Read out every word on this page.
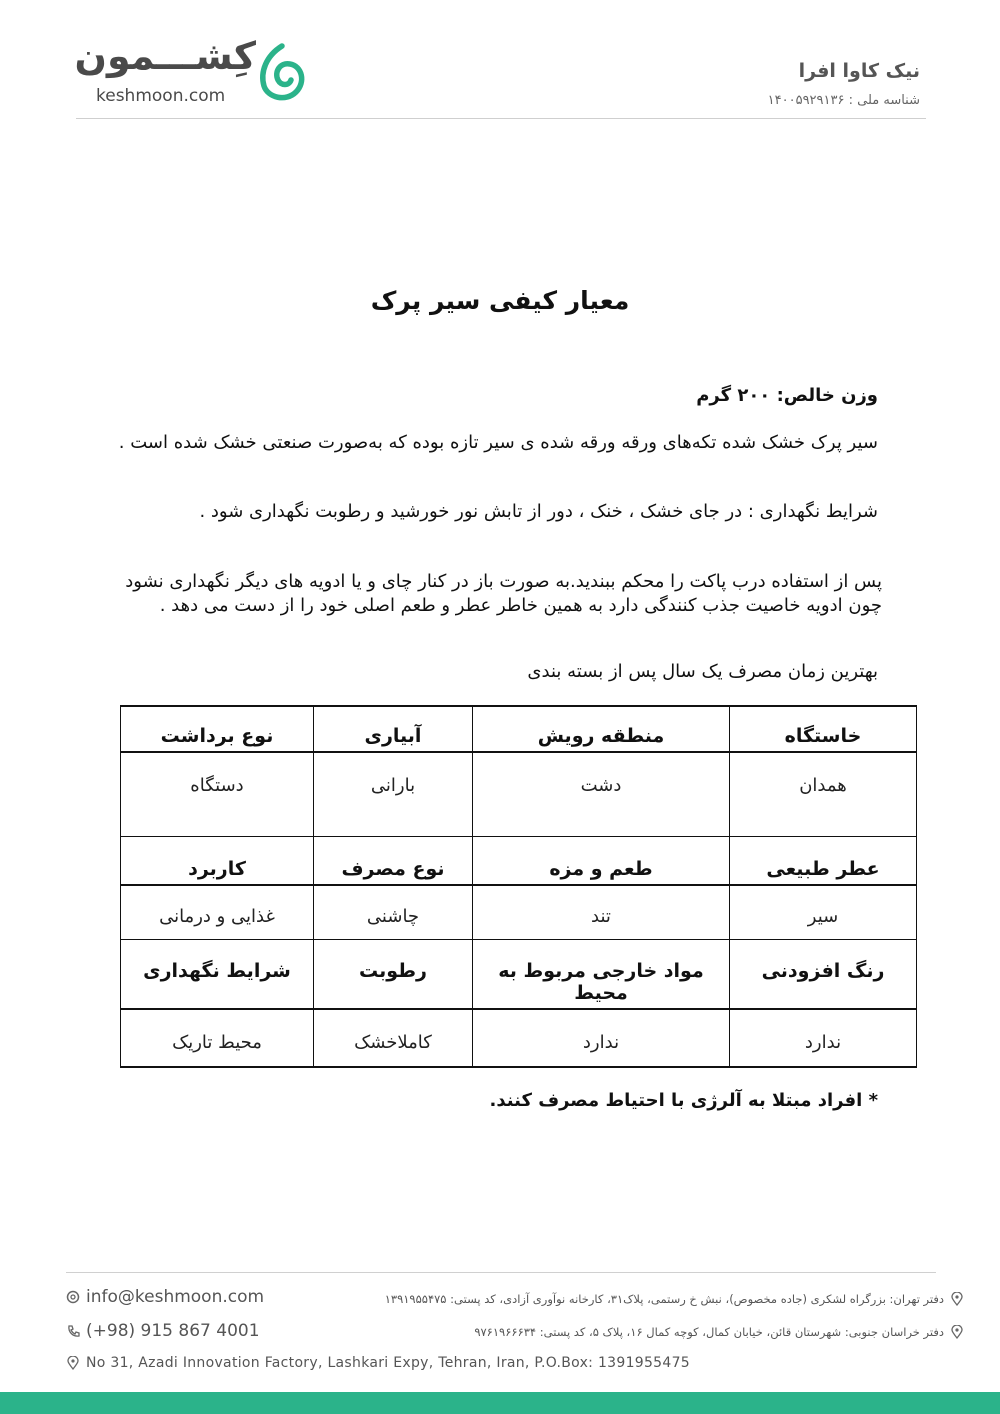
کِشـــمون
keshmoon.com
نیک کاوا افرا
شناسه ملی : ۱۴۰۰۵۹۲۹۱۳۶
معیار کیفی سیر پرک
وزن خالص: ۲۰۰ گرم
سیر پرک خشک شده تکه‌های ورقه ورقه شده ی سیر تازه بوده که به‌صورت صنعتی خشک شده است .
شرایط نگهداری : در جای خشک ، خنک ، دور از تابش نور خورشید و رطوبت نگهداری شود .
پس از استفاده درب پاکت را محکم ببندید.به صورت باز در کنار چای و یا ادویه های دیگر نگهداری نشود چون ادویه خاصیت جذب کنندگی دارد به همین خاطر عطر و طعم اصلی خود را از دست می دهد .
بهترین زمان مصرف یک سال پس از بسته بندی
خاستگاه	منطقه رویش	آبیاری	نوع برداشت
همدان	دشت	بارانی	دستگاه
عطر طبیعی	طعم و مزه	نوع مصرف	کاربرد
سیر	تند	چاشنی	غذایی و درمانی
رنگ افزودنی	مواد خارجی مربوط به محیط	رطوبت	شرایط نگهداری
ندارد	ندارد	کاملاخشک	محیط تاریک
* افراد مبتلا به آلرژی با احتیاط مصرف کنند.
info@keshmoon.com
(+98) 915 867 4001
No 31, Azadi Innovation Factory, Lashkari Expy, Tehran, Iran, P.O.Box: 1391955475
دفتر تهران: بزرگراه لشکری (جاده مخصوص)، نبش خ رستمی، پلاک۳۱، کارخانه نوآوری آزادی، کد پستی: ۱۳۹۱۹۵۵۴۷۵
دفتر خراسان جنوبی: شهرستان قائن، خیابان کمال، کوچه کمال ۱۶، پلاک ۵، کد پستی: ۹۷۶۱۹۶۶۶۳۴
